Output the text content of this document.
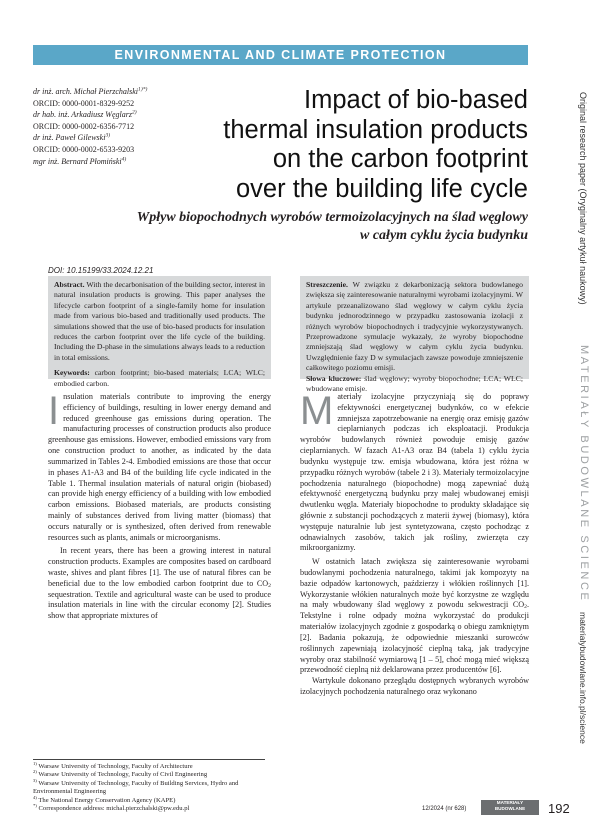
ENVIRONMENTAL AND CLIMATE PROTECTION
dr inż. arch. Michał Pierzchalski$^{1)*)}$
ORCID: 0000-0001-8329-9252
dr hab. inż. Arkadiusz Węglarz$^{2)}$
ORCID: 0000-0002-6356-7712
dr inż. Paweł Gilewski$^{3)}$
ORCID: 0000-0002-6533-9203
mgr inż. Bernard Płomiński$^{4)}$
Impact of bio-based
thermal insulation products
on the carbon footprint
over the building life cycle
Wpływ biopochodnych wyrobów termoizolacyjnych na ślad węglowy
w całym cyklu życia budynku
DOI: 10.15199/33.2024.12.21
Abstract. With the decarbonisation of the building sector, interest in natural insulation products is growing. This paper analyses the lifecycle carbon footprint of a single-family home for insulation made from various bio-based and traditionally used products. The simulations showed that the use of bio-based products for insulation reduces the carbon footprint over the life cycle of the building. Including the D-phase in the simulations always leads to a reduction in total emissions.
Keywords: carbon footprint; bio-based materials; LCA; WLC; embodied carbon.
Streszczenie. W związku z dekarbonizacją sektora budowlanego zwiększa się zainteresowanie naturalnymi wyrobami izolacyjnymi. W artykule przeanalizowano ślad węglowy w całym cyklu życia budynku jednorodzinnego w przypadku zastosowania izolacji z różnych wyrobów biopochodnych i tradycyjnie wykorzystywanych. Przeprowadzone symulacje wykazały, że wyroby biopochodne zmniejszają ślad węglowy w całym cyklu życia budynku. Uwzględnienie fazy D w symulacjach zawsze powoduje zmniejszenie całkowitego poziomu emisji.
Słowa kluczowe: ślad węglowy; wyroby biopochodne; LCA; WLC; wbudowane emisje.

Insulation materials contribute to improving the energy efficiency of buildings, resulting in lower energy demand and reduced greenhouse gas emissions during operation. The manufacturing processes of construction products also produce greenhouse gas emissions. However, embodied emissions vary from one construction product to another, as indicated by the data summarized in Tables 2-4. Embodied emissions are those that occur in phases A1-A3 and B4 of the building life cycle indicated in the Table 1. Thermal insulation materials of natural origin (biobased) can provide high energy efficiency of a building with low embodied carbon emissions. Biobased materials, are products consisting mainly of substances derived from living matter (biomass) that occurs naturally or is synthesized, often derived from renewable resources such as plants, animals or microorganisms.

In recent years, there has been a growing interest in natural construction products. Examples are composites based on cardboard waste, shives and plant fibres [1]. The use of natural fibres can be beneficial due to the low embodied carbon footprint due to $CO_2$ sequestration. Textile and agricultural waste can be used to produce insulation materials in line with the circular economy [2]. Studies show that appropriate mixtures of

Materiały izolacyjne przyczyniają się do poprawy efektywności energetycznej budynków, co w efekcie zmniejsza zapotrzebowanie na energię oraz emisję gazów cieplarnianych podczas ich eksploatacji. Produkcja wyrobów budowlanych również powoduje emisję gazów cieplarnianych. W fazach A1-A3 oraz B4 (tabela 1) cyklu życia budynku występuje tzw. emisja wbudowana, która jest różna w przypadku różnych wyrobów (tabele 2 i 3). Materiały termoizolacyjne pochodzenia naturalnego (biopochodne) mogą zapewniać dużą efektywność energetyczną budynku przy małej wbudowanej emisji dwutlenku węgla. Materiały biopochodne to produkty składające się głównie z substancji pochodzących z materii żywej (biomasy), która występuje naturalnie lub jest syntetyzowana, często pochodząc z odnawialnych zasobów, takich jak rośliny, zwierzęta czy mikroorganizmy.

W ostatnich latach zwiększa się zainteresowanie wyrobami budowlanymi pochodzenia naturalnego, takimi jak kompozyty na bazie odpadów kartonowych, paździerzy i włókien roślinnych [1]. Wykorzystanie włókien naturalnych może być korzystne ze względu na mały wbudowany ślad węglowy z powodu sekwestracji $CO_2$. Tekstylne i rolne odpady można wykorzystać do produkcji materiałów izolacyjnych zgodnie z gospodarką o obiegu zamkniętym [2]. Badania pokazują, że odpowiednie mieszanki surowców roślinnych zapewniają izolacyjność cieplną taką, jak tradycyjne wyroby oraz stabilność wymiarową [1 – 5], choć mogą mieć większą przewodność cieplną niż deklarowana przez producentów [6].

Wartykule dokonano przeglądu dostępnych wybranych wyrobów izolacyjnych pochodzenia naturalnego oraz wykonano

$^{1)}$ Warsaw University of Technology, Faculty of Architecture
$^{2)}$ Warsaw University of Technology, Faculty of Civil Engineering
$^{3)}$ Warsaw University of Technology, Faculty of Building Services, Hydro and Environmental Engineering
$^{4)}$ The National Energy Conservation Agency (KAPE)
*) Correspondence address: michal.pierzchalski@pw.edu.pl
Original research paper (Oryginalny artykuł naukowy)
MATERIAŁY BUDOWLANE SCIENCE
materialybudowlane.info.pl/science
12/2024 (nr 628)
MATERIAŁY
BUDOWLANE	192
